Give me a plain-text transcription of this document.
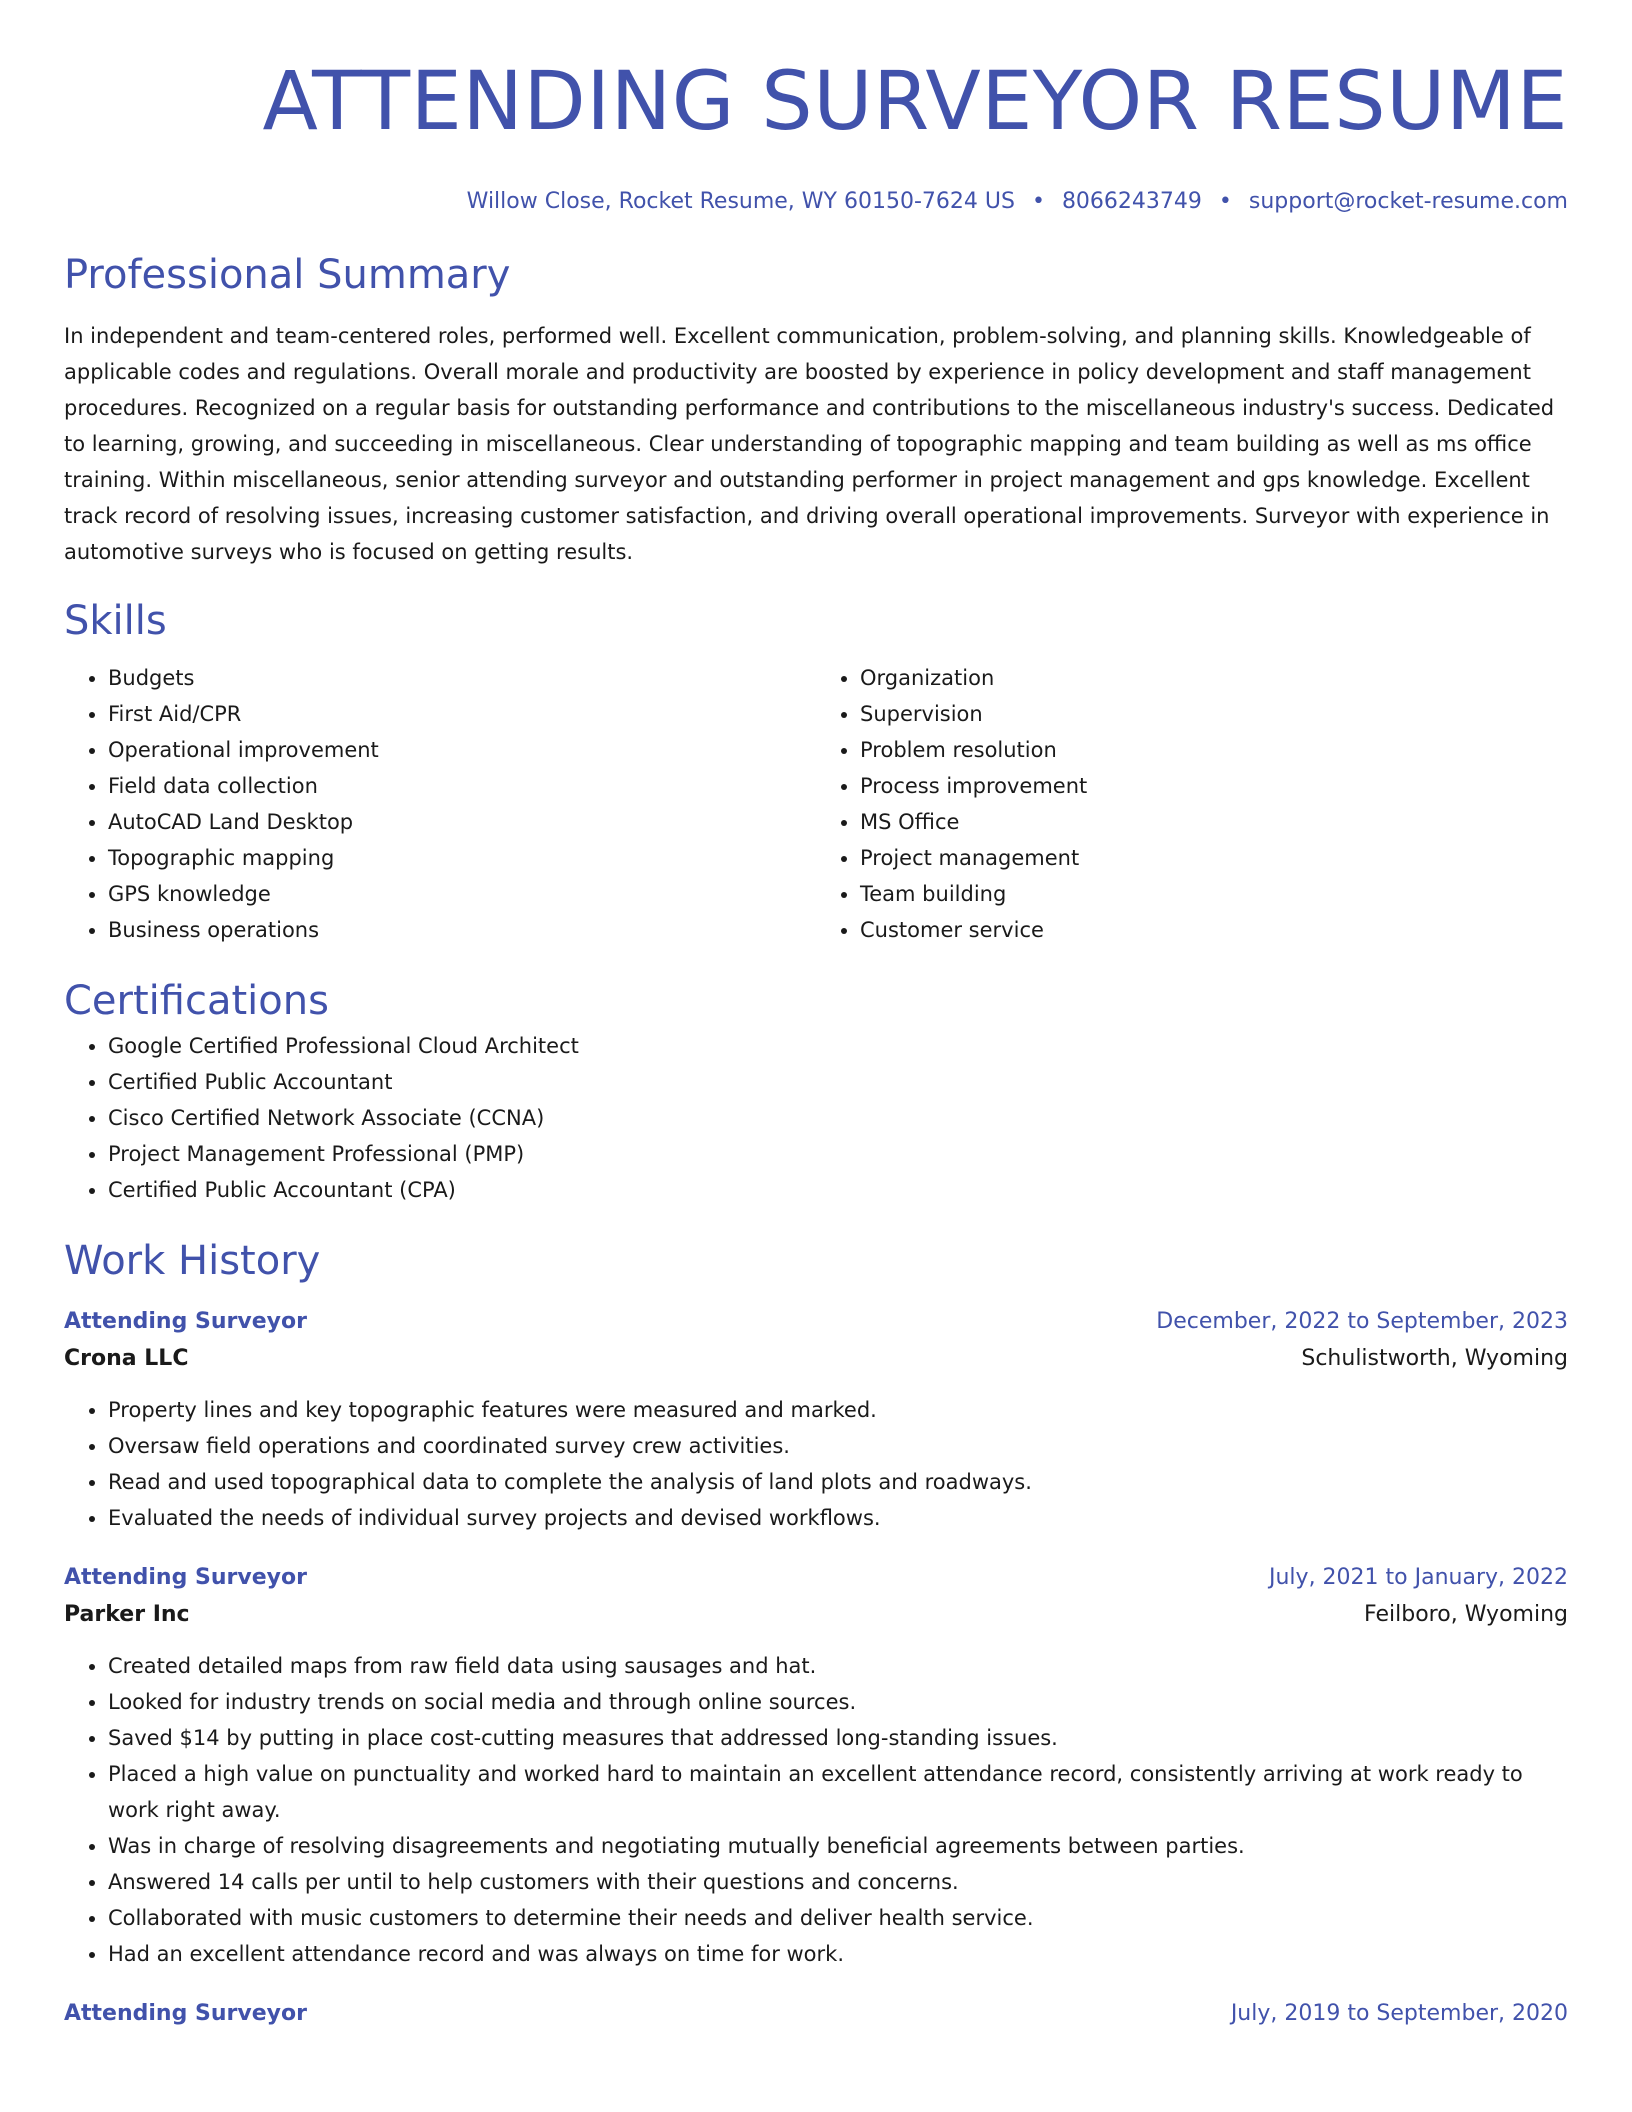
ATTENDING SURVEYOR RESUME
Willow Close, Rocket Resume, WY 60150-7624 US • 8066243749 • support@rocket-resume.com
Professional Summary

In independent and team-centered roles, performed well. Excellent communication, problem-solving, and planning skills. Knowledgeable of applicable codes and regulations. Overall morale and productivity are boosted by experience in policy development and staff management procedures. Recognized on a regular basis for outstanding performance and contributions to the miscellaneous industry's success. Dedicated to learning, growing, and succeeding in miscellaneous. Clear understanding of topographic mapping and team building as well as ms office training. Within miscellaneous, senior attending surveyor and outstanding performer in project management and gps knowledge. Excellent track record of resolving issues, increasing customer satisfaction, and driving overall operational improvements. Surveyor with experience in automotive surveys who is focused on getting results.

Skills
• Budgets
• First Aid/CPR
• Operational improvement
• Field data collection
• AutoCAD Land Desktop
• Topographic mapping
• GPS knowledge
• Business operations
• Organization
• Supervision
• Problem resolution
• Process improvement
• MS Office
• Project management
• Team building
• Customer service
Certifications
• Google Certified Professional Cloud Architect
• Certified Public Accountant
• Cisco Certified Network Associate (CCNA)
• Project Management Professional (PMP)
• Certified Public Accountant (CPA)
Work History
Attending Surveyor	December, 2022 to September, 2023
Crona LLC	Schulistworth, Wyoming
• Property lines and key topographic features were measured and marked.
• Oversaw field operations and coordinated survey crew activities.
• Read and used topographical data to complete the analysis of land plots and roadways.
• Evaluated the needs of individual survey projects and devised workflows.
Attending Surveyor	July, 2021 to January, 2022
Parker Inc	Feilboro, Wyoming
• Created detailed maps from raw field data using sausages and hat.
• Looked for industry trends on social media and through online sources.
• Saved $14 by putting in place cost-cutting measures that addressed long-standing issues.
• Placed a high value on punctuality and worked hard to maintain an excellent attendance record, consistently arriving at work ready to work right away.
• Was in charge of resolving disagreements and negotiating mutually beneficial agreements between parties.
• Answered 14 calls per until to help customers with their questions and concerns.
• Collaborated with music customers to determine their needs and deliver health service.
• Had an excellent attendance record and was always on time for work.
Attending Surveyor	July, 2019 to September, 2020
